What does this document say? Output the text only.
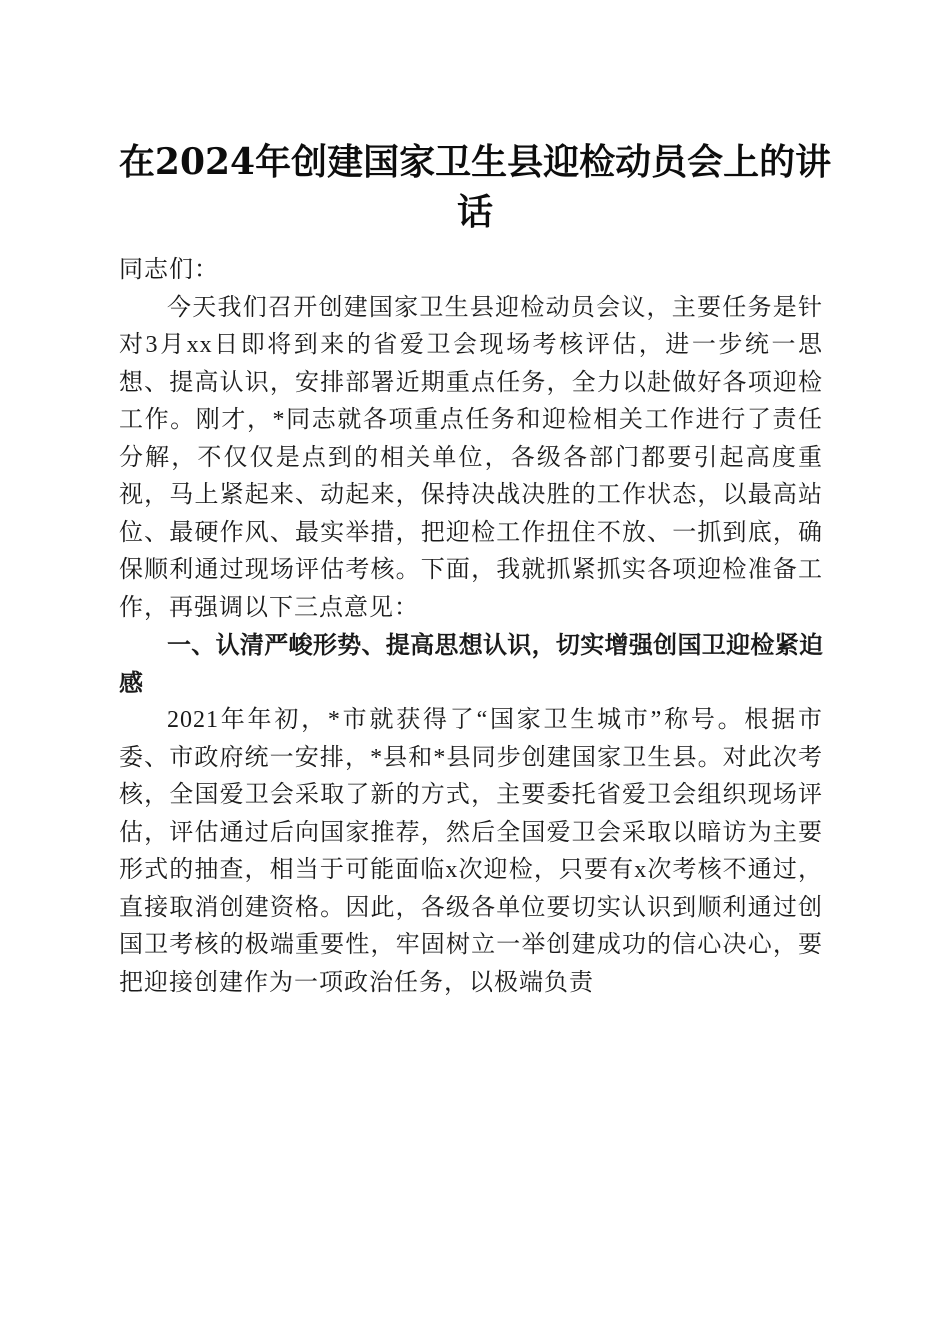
在2024年创建国家卫生县迎检动员会上的讲话

同志们：

今天我们召开创建国家卫生县迎检动员会议，主要任务是针对3月xx日即将到来的省爱卫会现场考核评估，进一步统一思想、提高认识，安排部署近期重点任务，全力以赴做好各项迎检工作。刚才，*同志就各项重点任务和迎检相关工作进行了责任分解，不仅仅是点到的相关单位，各级各部门都要引起高度重视，马上紧起来、动起来，保持决战决胜的工作状态，以最高站位、最硬作风、最实举措，把迎检工作扭住不放、一抓到底，确保顺利通过现场评估考核。下面，我就抓紧抓实各项迎检准备工作，再强调以下三点意见：

一、认清严峻形势、提高思想认识，切实增强创国卫迎检紧迫感

2021年年初，*市就获得了“国家卫生城市”称号。根据市委、市政府统一安排，*县和*县同步创建国家卫生县。对此次考核，全国爱卫会采取了新的方式，主要委托省爱卫会组织现场评估，评估通过后向国家推荐，然后全国爱卫会采取以暗访为主要形式的抽查，相当于可能面临x次迎检，只要有x次考核不通过，直接取消创建资格。因此，各级各单位要切实认识到顺利通过创国卫考核的极端重要性，牢固树立一举创建成功的信心决心，要把迎接创建作为一项政治任务，以极端负责
